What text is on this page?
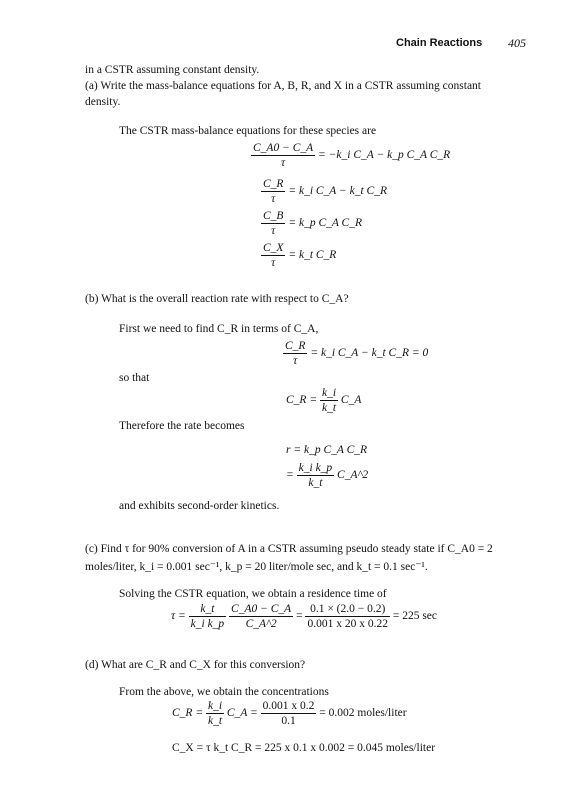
Chain Reactions 405
in a CSTR assuming constant density.
(a) Write the mass-balance equations for A, B, R, and X in a CSTR assuming constant
density.
The CSTR mass-balance equations for these species are
$\frac{C\_A0 - C\_A}{\tau}$ = −k_i C_A − k_p C_A C_R
$\frac{C\_R}{\tau}$ = k_i C_A − k_t C_R
$\frac{C\_B}{\tau}$ = k_p C_A C_R
$\frac{C\_X}{\tau}$ = k_t C_R
(b) What is the overall reaction rate with respect to C_A?
First we need to find C_R in terms of C_A,
$\frac{C\_R}{\tau}$ = k_i C_A − k_t C_R = 0
so that
C_R = $\frac{k\_i}{k\_t}$ C_A
Therefore the rate becomes
r = k_p C_A C_R
= $\frac{\text{k\_i k\_p}}{k\_t}$ C_A^2
and exhibits second-order kinetics.
(c) Find τ for 90% conversion of A in a CSTR assuming pseudo steady state if C_A0 = 2
moles/liter, k_i = 0.001 sec⁻¹, k_p = 20 liter/mole sec, and k_t = 0.1 sec⁻¹.
Solving the CSTR equation, we obtain a residence time of
$\tau = \frac{k\_t}{\text{k\_i k\_p}}$
$\frac{C\_A0 - C\_A}{C\_A\^{}2} = \frac{0.1 \times (2.0 - 0.2)}{0.001 x 20 x 0.22} = 225$ sec
(d) What are C_R and C_X for this conversion?
From the above, we obtain the concentrations
C_R = $\frac{k\_i}{k\_t}$ C_A = $\frac{0.001 x 0.2}{0.1} = 0.002$ moles/liter
C_X = τ k_t C_R = 225 x 0.1 x 0.002 = 0.045 moles/liter
